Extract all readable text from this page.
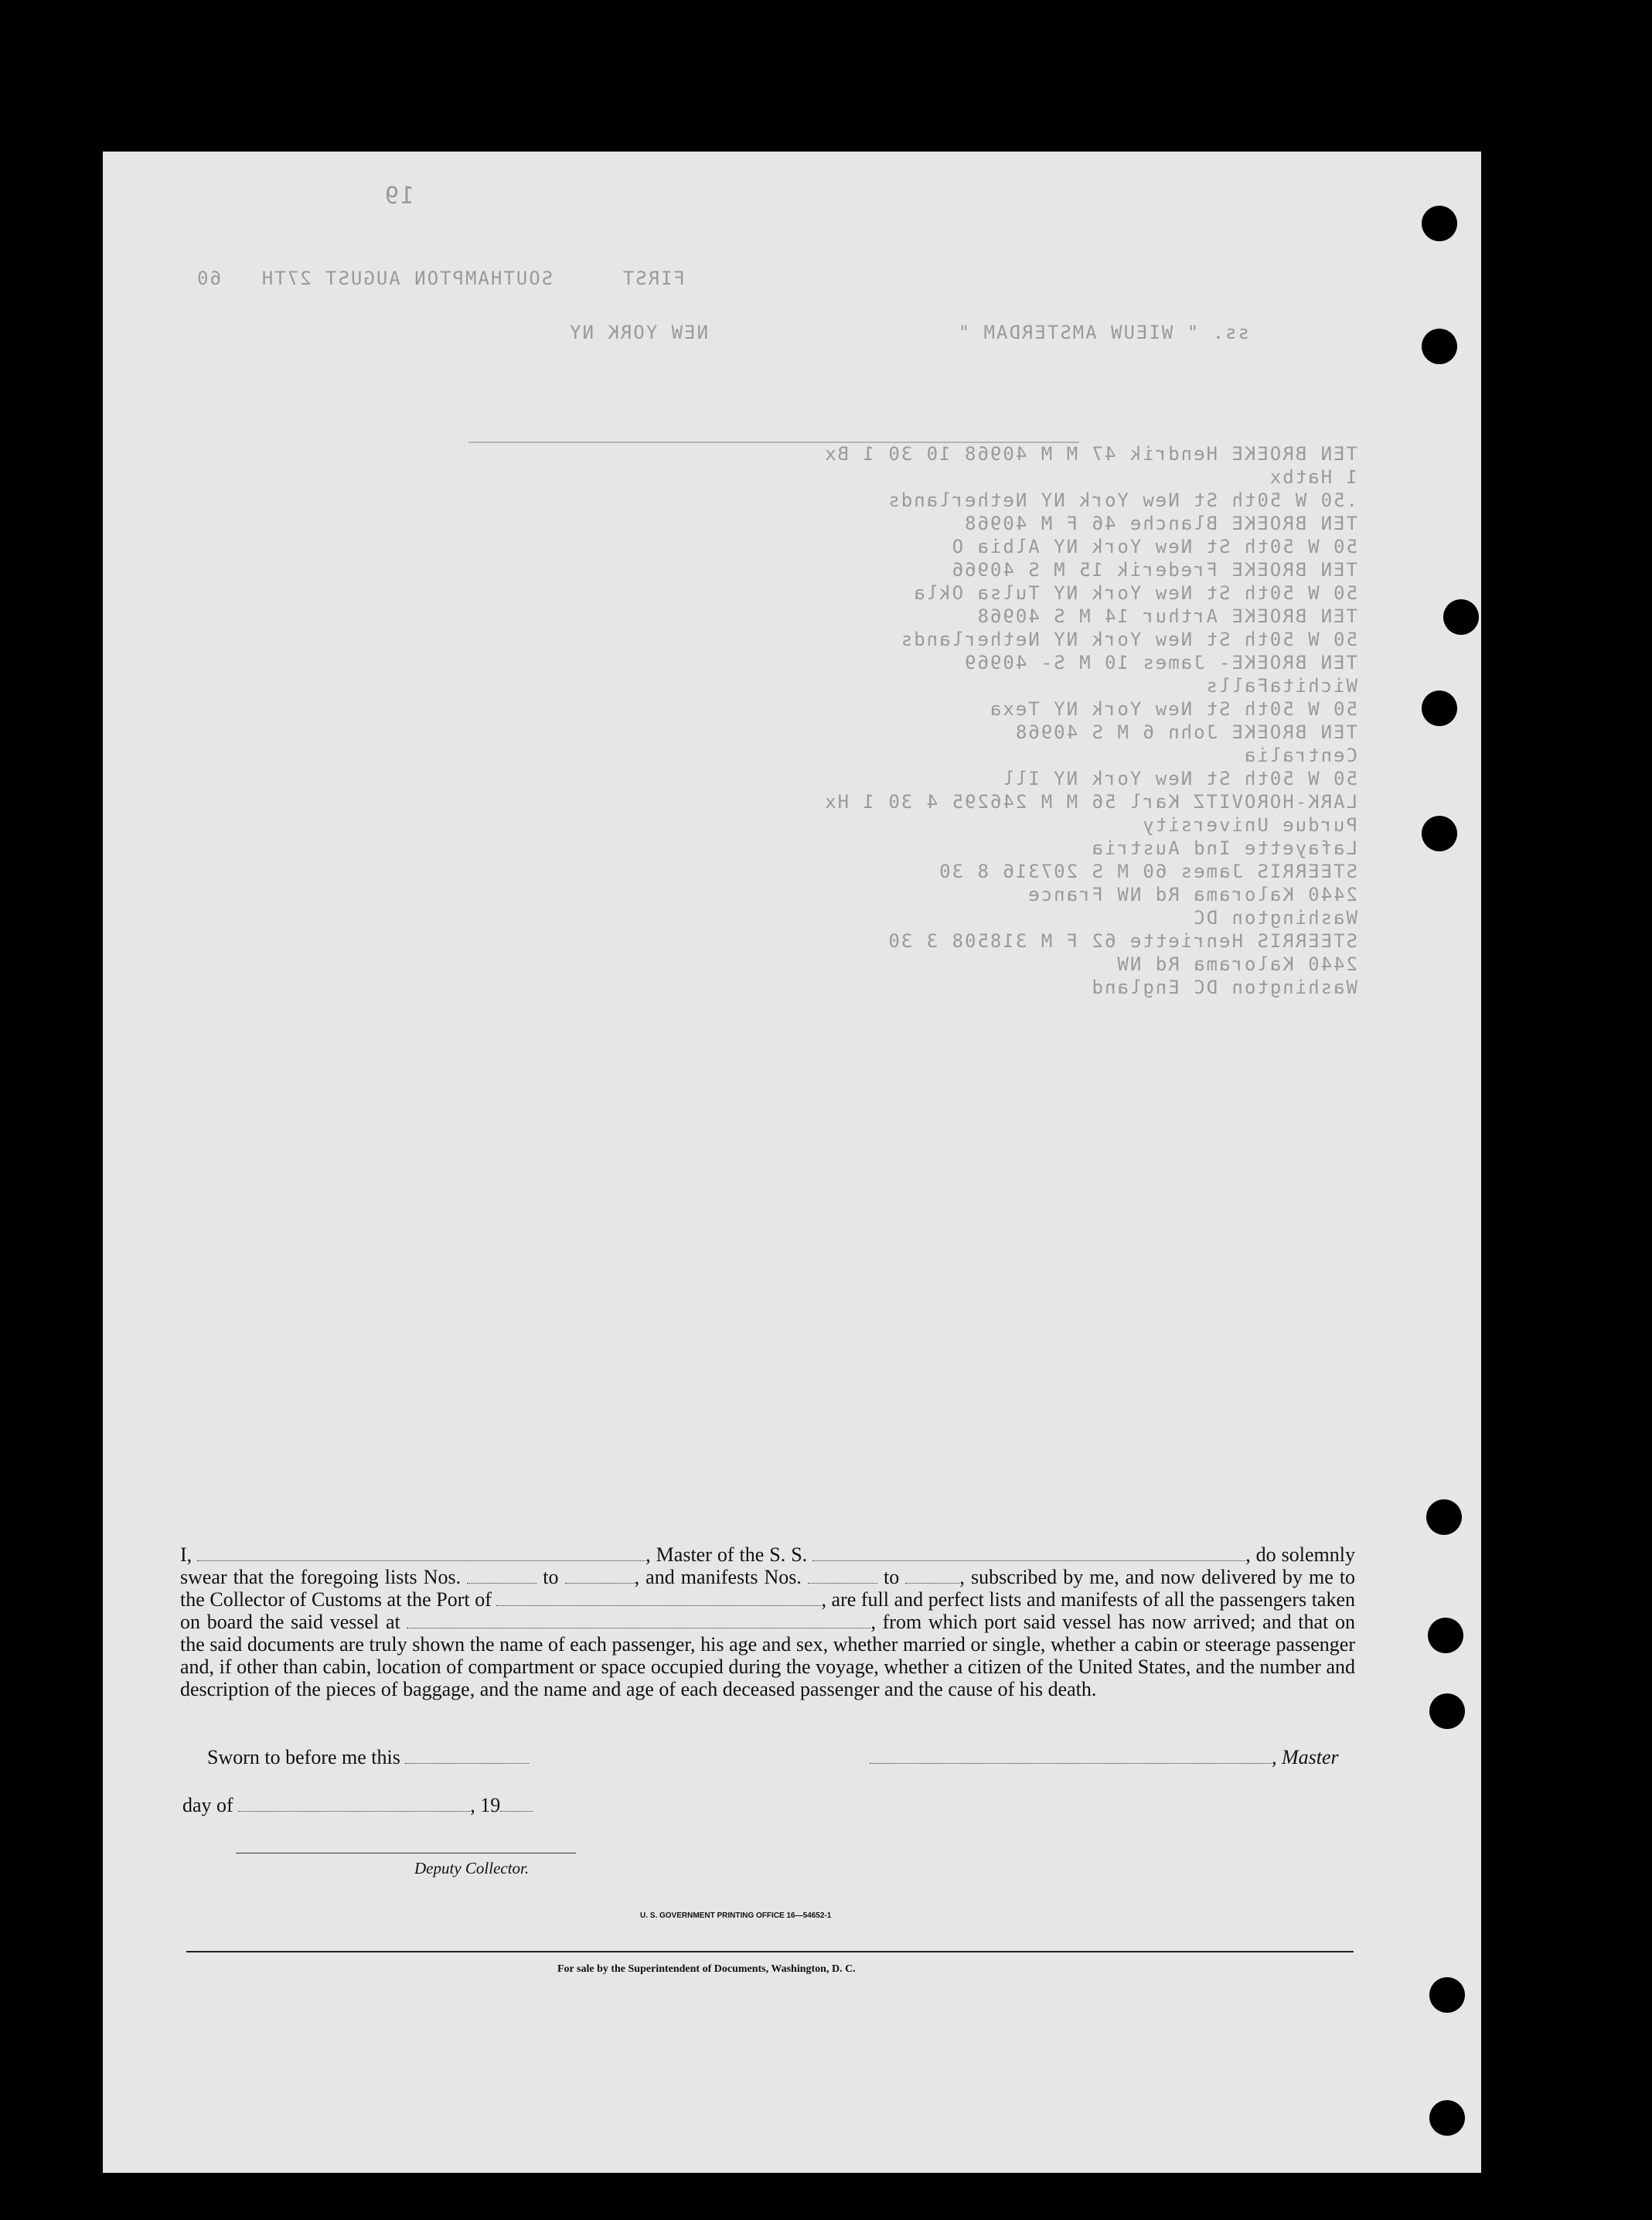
19
60	FIRST
SOUTHAMPTON AUGUST 27TH
ss. " WIEUW AMSTERDAM "
NEW YORK NY
TEN BROEKE Hendrik 47 M M 40968 10 30 1 Bx
1 Hatbx
.50 W 50th St New York NY Netherlands
TEN BROEKE Blanche 46 F M 40968
50 W 50th St New York NY Albia O
TEN BROEKE Frederik 15 M S 40966
50 W 50th St New York NY Tulsa Okla
TEN BROEKE Arthur 14 M S 40968
50 W 50th St New York NY Netherlands
TEN BROEKE- James 10 M S- 40969
WichitaFalls
50 W 50th St New York NY Texa
TEN BROEKE John 6 M S 40968
Centralia
50 W 50th St New York NY Ill
LARK-HOROVITZ Karl 56 M M 246295 4 30 1 Hx
Purdue University
Lafayette Ind Austria
STEERRIS James 60 M S 207316 8 30
2440 Kalorama Rd NW France
Washington DC
STEERRIS Henriette 62 F M 318508 3 30
2440 Kalorama Rd NW
Washington DC England
I,	, Master of the S. S.	, do solemnly swear that the foregoing lists Nos.	to	, and manifests Nos.	to	, subscribed by me, and now delivered by me to the Collector of Customs at the Port of	, are full and perfect lists and manifests of all the passengers taken on board the said vessel at	, from which port said vessel has now arrived; and that on the said documents are truly shown the name of each passenger, his age and sex, whether married or single, whether a cabin or steerage passenger and, if other than cabin, location of compartment or space occupied during the voyage, whether a citizen of the United States, and the number and description of the pieces of baggage, and the name and age of each deceased passenger and the cause of his death.
Sworn to before me this	, Master
day of	, 19
Deputy Collector.
U. S. GOVERNMENT PRINTING OFFICE 16—54652-1
For sale by the Superintendent of Documents, Washington, D. C.
